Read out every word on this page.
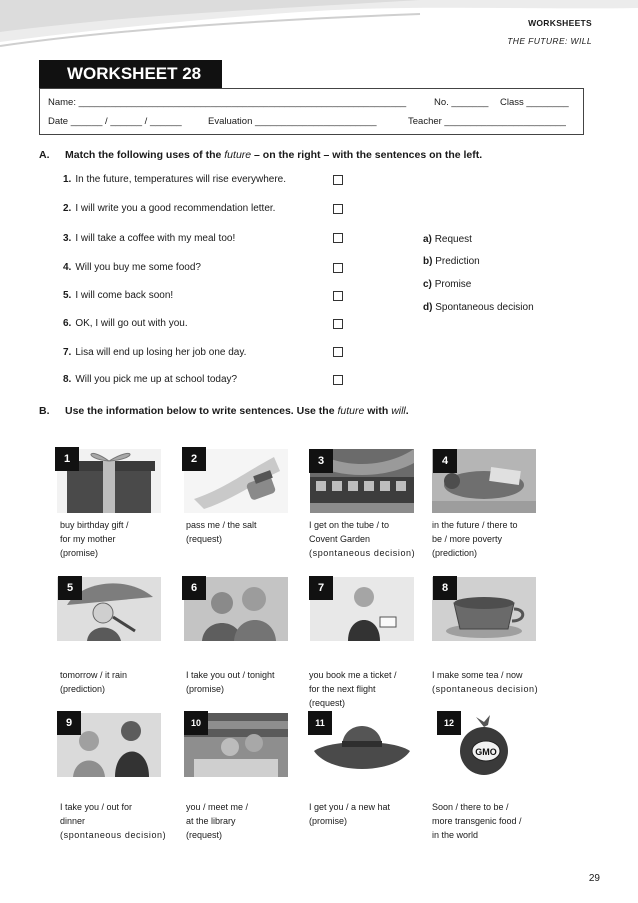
WORKSHEETS
THE FUTURE: WILL
WORKSHEET 28
Name: ______________________________________________________________	No. _______ Class ________
Date ______ / ______ / ______	Evaluation _______________________	Teacher _______________________
A. Match the following uses of the future – on the right – with the sentences on the left.
1. In the future, temperatures will rise everywhere.
2. I will write you a good recommendation letter.
3. I will take a coffee with my meal too!
4. Will you buy me some food?
5. I will come back soon!
6. OK, I will go out with you.
7. Lisa will end up losing her job one day.
8. Will you pick me up at school today?
a) Request
b) Prediction
c) Promise
d) Spontaneous decision
B. Use the information below to write sentences. Use the future with will.
GMO
1	2	3	4
5	6	7	8
9	10	11	12
buy birthday gift /
for my mother
(promise)
pass me / the salt
(request)
I get on the tube / to
Covent Garden
(spontaneous decision)
in the future / there to
be / more poverty
(prediction)
tomorrow / it rain
(prediction)
I take you out / tonight
(promise)
you book me a ticket /
for the next flight
(request)
I make some tea / now
(spontaneous decision)
I take you / out for
dinner
(spontaneous decision)
you / meet me /
at the library
(request)
I get you / a new hat
(promise)
Soon / there to be /
more transgenic food /
in the world
29
